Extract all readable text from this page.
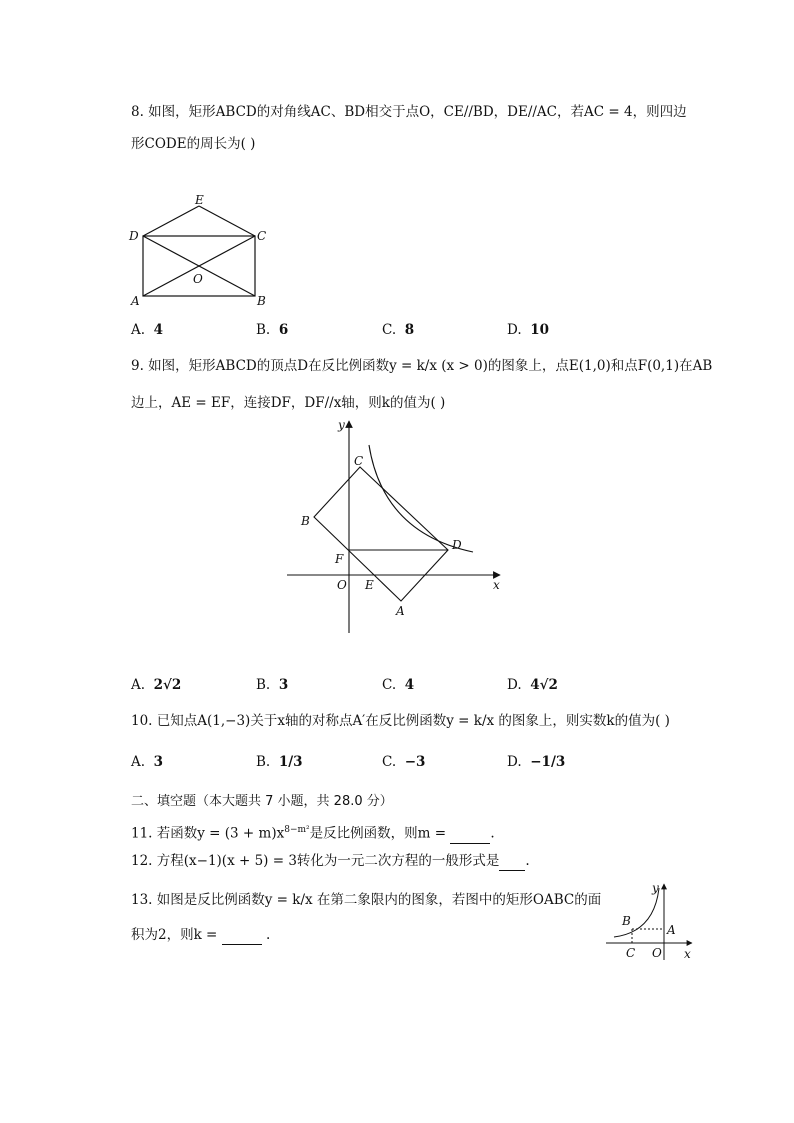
8. 如图，矩形ABCD的对角线AC、BD相交于点O，CE//BD，DE//AC，若AC = 4，则四边
形CODE的周长为( )
E
D	C
O
A	B
A. 4	B. 6	C. 8	D. 10
9. 如图，矩形ABCD的顶点D在反比例函数y = k/x (x > 0)的图象上，点E(1,0)和点F(0,1)在AB
边上，AE = EF，连接DF，DF//x轴，则k的值为( )
y
C
B
D
F
O E	x
A
A. 2√2	B. 3	C. 4	D. 4√2
10. 已知点A(1,−3)关于x轴的对称点A′在反比例函数y = k/x 的图象上，则实数k的值为( )
A. 3	B. 1/3	C. −3	D. −1/3
二、填空题（本大题共 7 小题，共 28.0 分）
11. 若函数$y = (3 + m)x^{8-m^2}$是反比例函数，则m =	.
12. 方程(x−1)(x + 5) = 3转化为一元二次方程的一般形式是 .
13. 如图是反比例函数y = k/x 在第二象限内的图象，若图中的矩形OABC的面
积为2，则k =	.
y
B
A
C O x
